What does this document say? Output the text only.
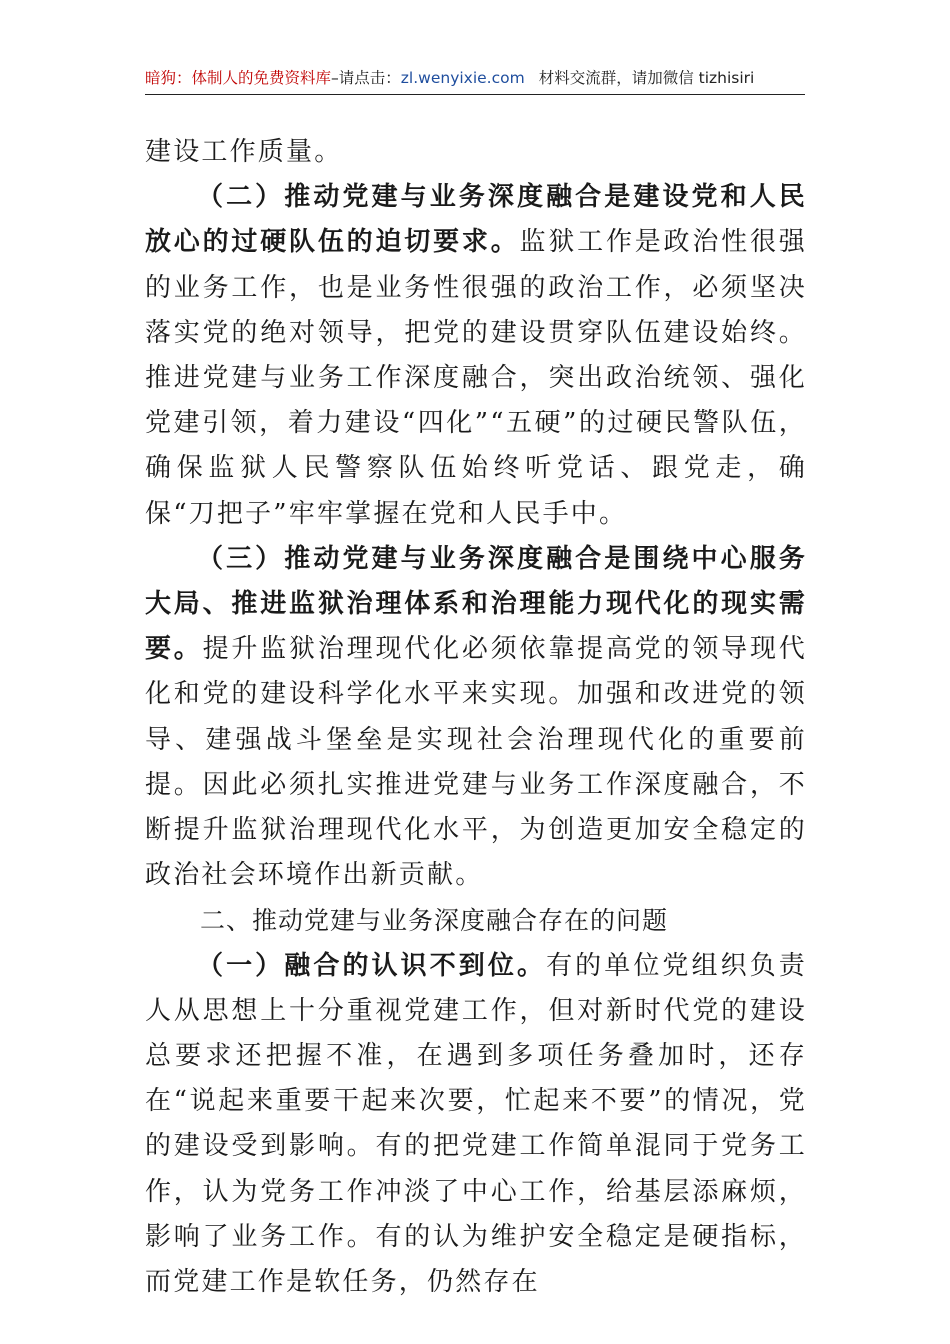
暗狗：体制人的免费资料库–请点击：zl.wenyixie.com 材料交流群，请加微信 tizhisiri

建设工作质量。

（二）推动党建与业务深度融合是建设党和人民放心的过硬队伍的迫切要求。监狱工作是政治性很强的业务工作，也是业务性很强的政治工作，必须坚决落实党的绝对领导，把党的建设贯穿队伍建设始终。推进党建与业务工作深度融合，突出政治统领、强化党建引领，着力建设“四化”“五硬”的过硬民警队伍，确保监狱人民警察队伍始终听党话、跟党走，确保“刀把子”牢牢掌握在党和人民手中。

（三）推动党建与业务深度融合是围绕中心服务大局、推进监狱治理体系和治理能力现代化的现实需要。提升监狱治理现代化必须依靠提高党的领导现代化和党的建设科学化水平来实现。加强和改进党的领导、建强战斗堡垒是实现社会治理现代化的重要前提。因此必须扎实推进党建与业务工作深度融合，不断提升监狱治理现代化水平，为创造更加安全稳定的政治社会环境作出新贡献。

二、推动党建与业务深度融合存在的问题

（一）融合的认识不到位。有的单位党组织负责人从思想上十分重视党建工作，但对新时代党的建设总要求还把握不准，在遇到多项任务叠加时，还存在“说起来重要干起来次要，忙起来不要”的情况，党的建设受到影响。有的把党建工作简单混同于党务工作，认为党务工作冲淡了中心工作，给基层添麻烦，影响了业务工作。有的认为维护安全稳定是硬指标，而党建工作是软任务，仍然存在
